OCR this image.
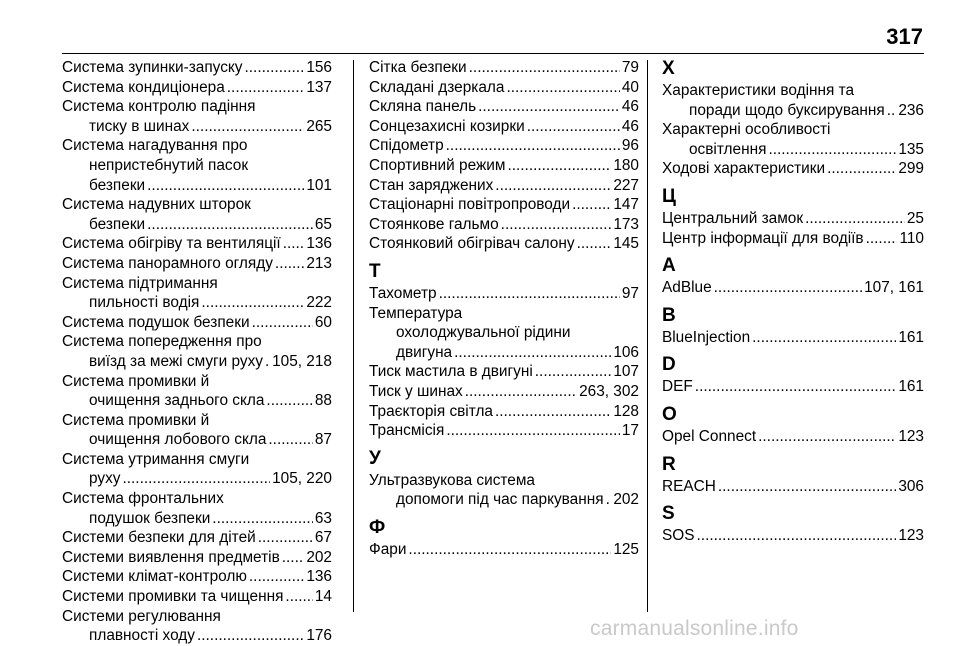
317
Система зупинки-запуску .....	156
Система кондиціонера .....	137
Система контролю падіння
тиску в шинах .....	265
Система нагадування про
непристебнутий пасок
безпеки .....	101
Система надувних шторок
безпеки .....	65
Система обігріву та вентиляції ..... 136
Система панорамного огляду ..... 213
Система підтримання
пильності водія .....	222
Система подушок безпеки .....	60
Система попередження про
виїзд за межі смуги руху ..... 105, 218
Система промивки й
очищення заднього скла .....	88
Система промивки й
очищення лобового скла .....	87
Система утримання смуги
руху .....	105, 220
Система фронтальних
подушок безпеки .....	63
Системи безпеки для дітей .....	67
Системи виявлення предметів ..... 202
Системи клімат-контролю .....	136
Системи промивки та чищення ..... 14
Системи регулювання
плавності ходу .....	176
Сітка безпеки .....	79
Складані дзеркала .....	40
Скляна панель .....	46
Сонцезахисні козирки .....	46
Спідометр .....	96
Спортивний режим .....	180
Стан заряджених .....	227
Стаціонарні повітропроводи .....	147
Стоянкове гальмо .....	173
Стоянковий обігрівач салону .....	145
Т
Тахометр .....	97
Температура
охолоджувальної рідини
двигуна .....	106
Тиск мастила в двигуні .....	107
Тиск у шинах .....	263, 302
Траєкторія світла .....	128
Трансмісія .....	17
У
Ультразвукова система
допомоги під час паркування ..... 202
Ф
Фари .....	125
Х
Характеристики водіння та
поради щодо буксирування ..... 236
Характерні особливості
освітлення .....	135
Ходові характеристики .....	299
Ц
Центральний замок .....	25
Центр інформації для водіїв ..... 110
A
AdBlue .....	107, 161
B
BlueInjection .....	161
D
DEF .....	161
O
Opel Connect .....	123
R
REACH .....	306
S
SOS .....	123
carmanualsonline.info
